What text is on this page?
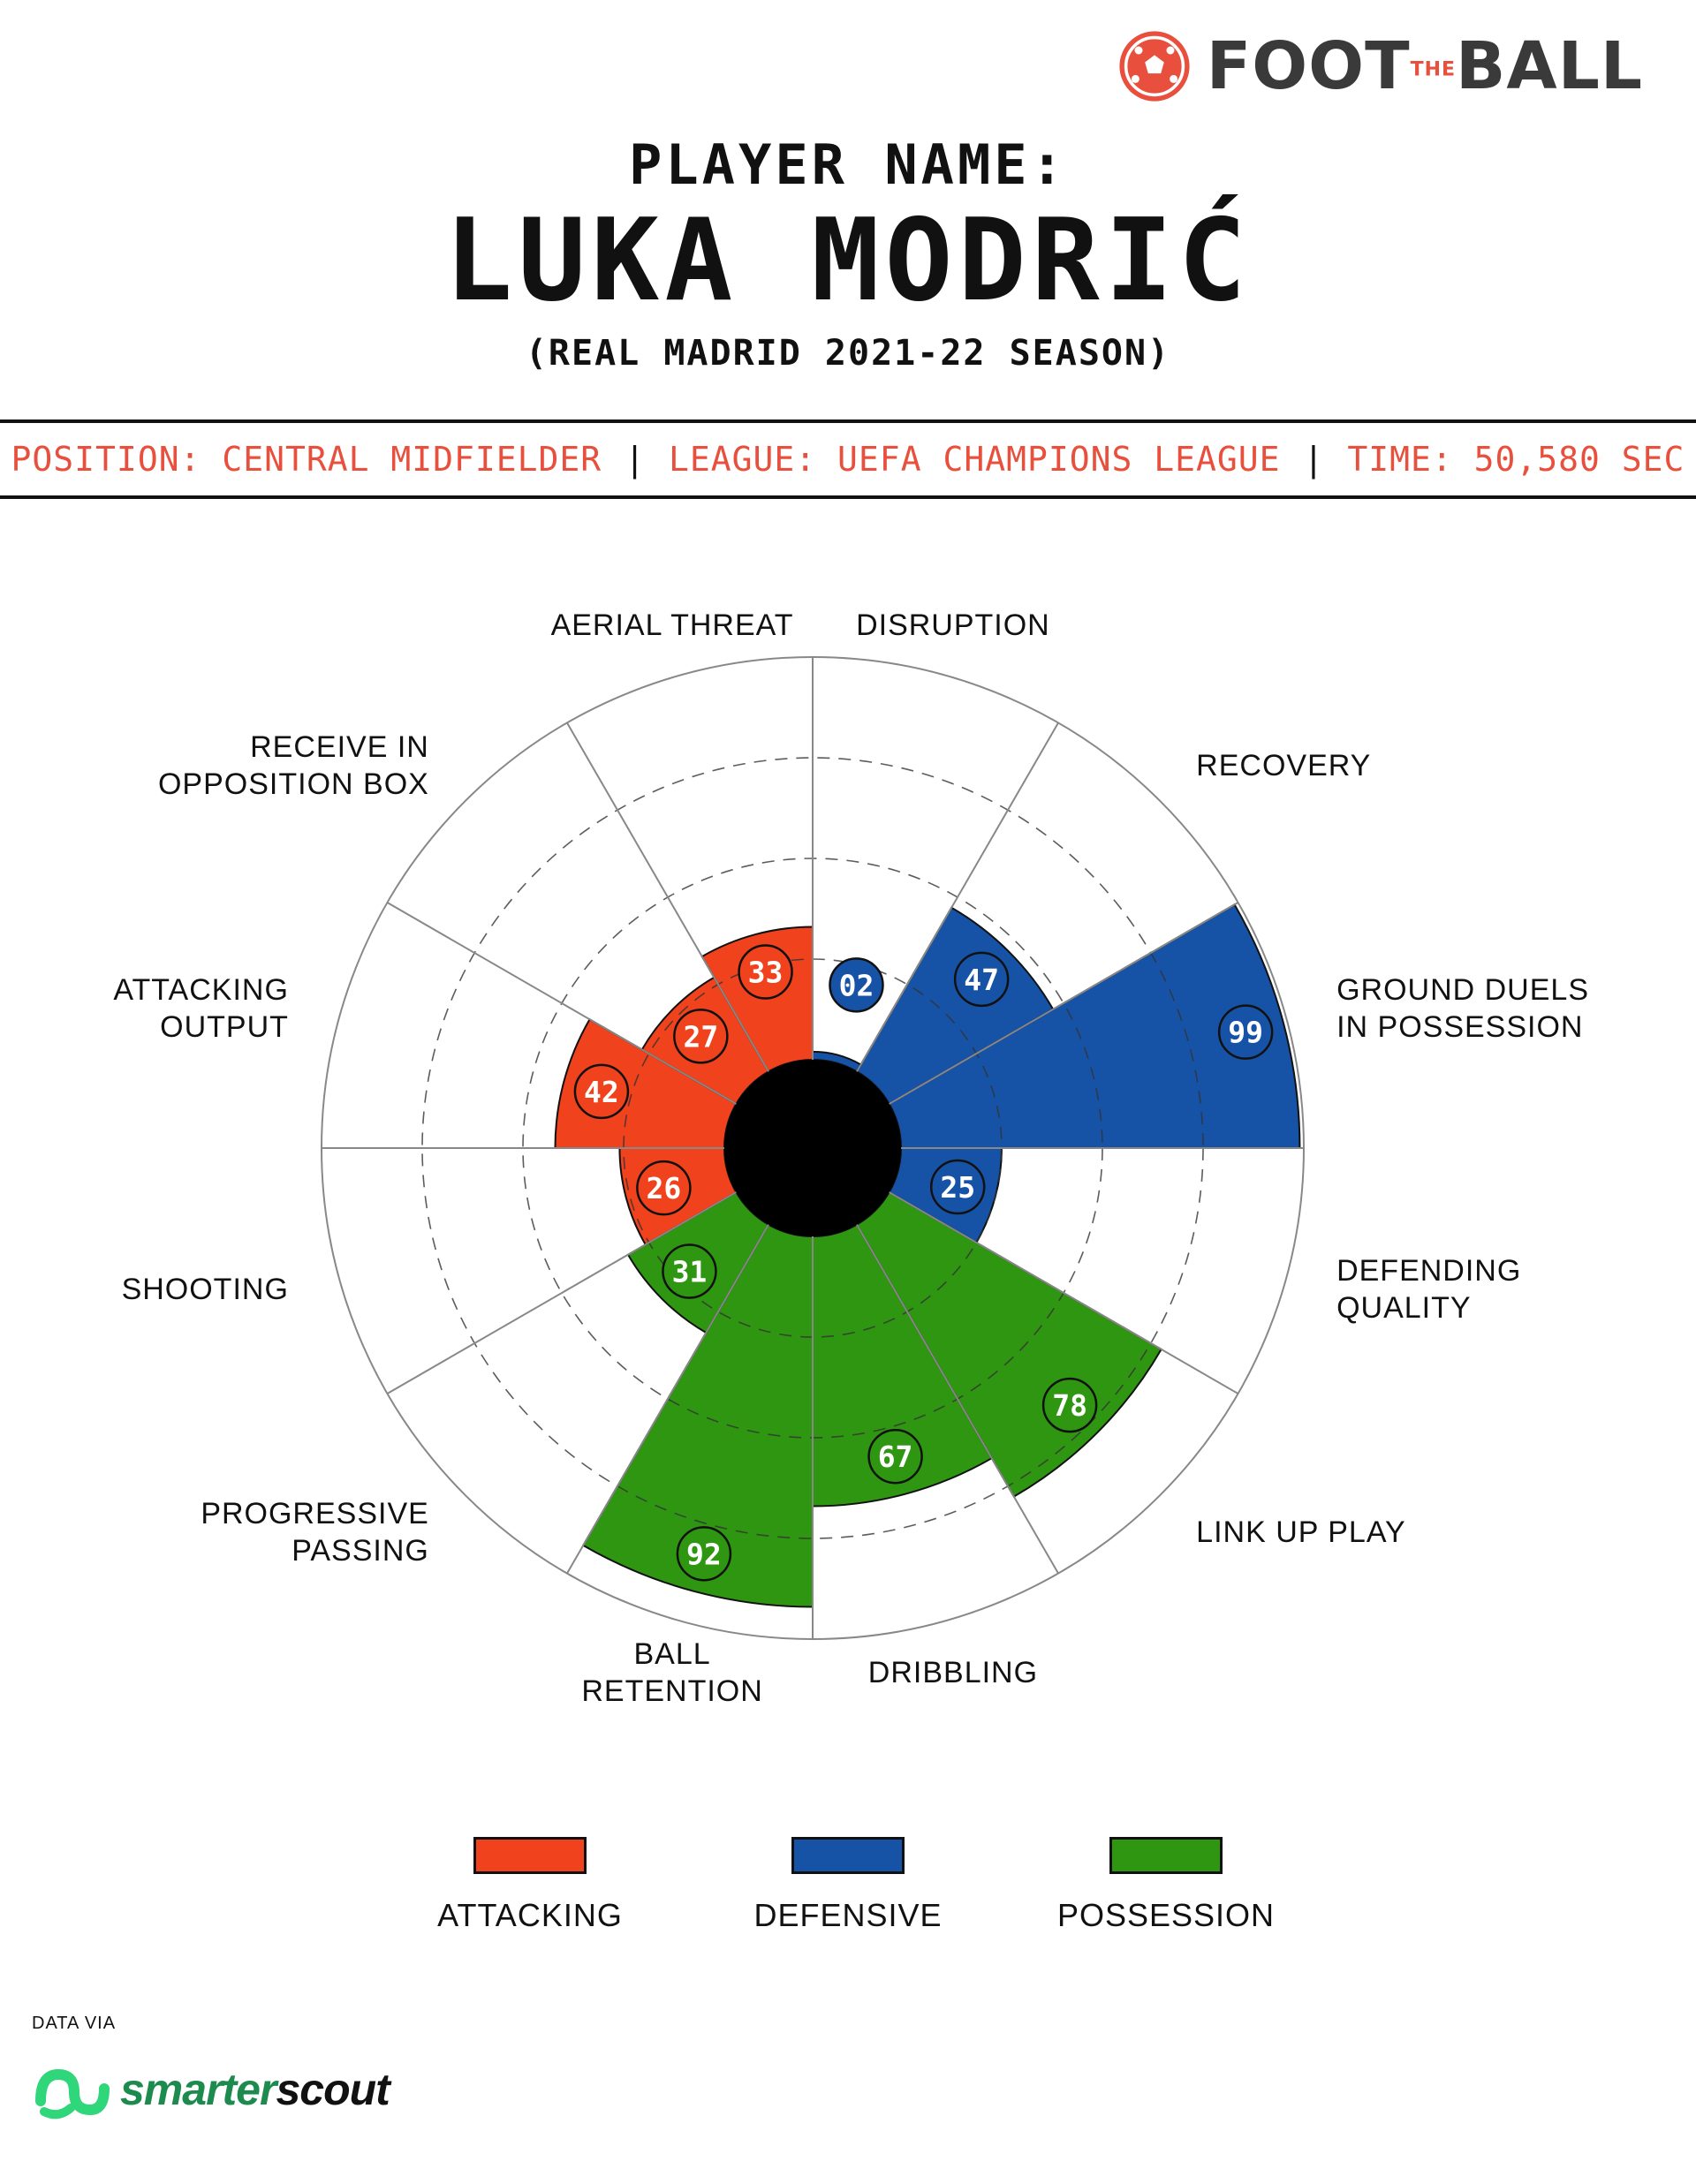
FOOTTHEBALL
PLAYER NAME:
LUKA MODRIĆ
(REAL MADRID 2021-22 SEASON)
POSITION: CENTRAL MIDFIELDER | LEAGUE: UEFA CHAMPIONS LEAGUE | TIME: 50,580 SEC
02	47
99
25
78
67
92
31
26
42
27
33
DISRUPTION
RECOVERY
GROUND DUELS
IN POSSESSION
DEFENDING
QUALITY
LINK UP PLAY
DRIBBLING
BALL
RETENTION
PROGRESSIVE
PASSING
SHOOTING
ATTACKING
OUTPUT
RECEIVE IN
OPPOSITION BOX
AERIAL THREAT
ATTACKING	DEFENSIVE	POSSESSION
DATA VIA
smarterscout
